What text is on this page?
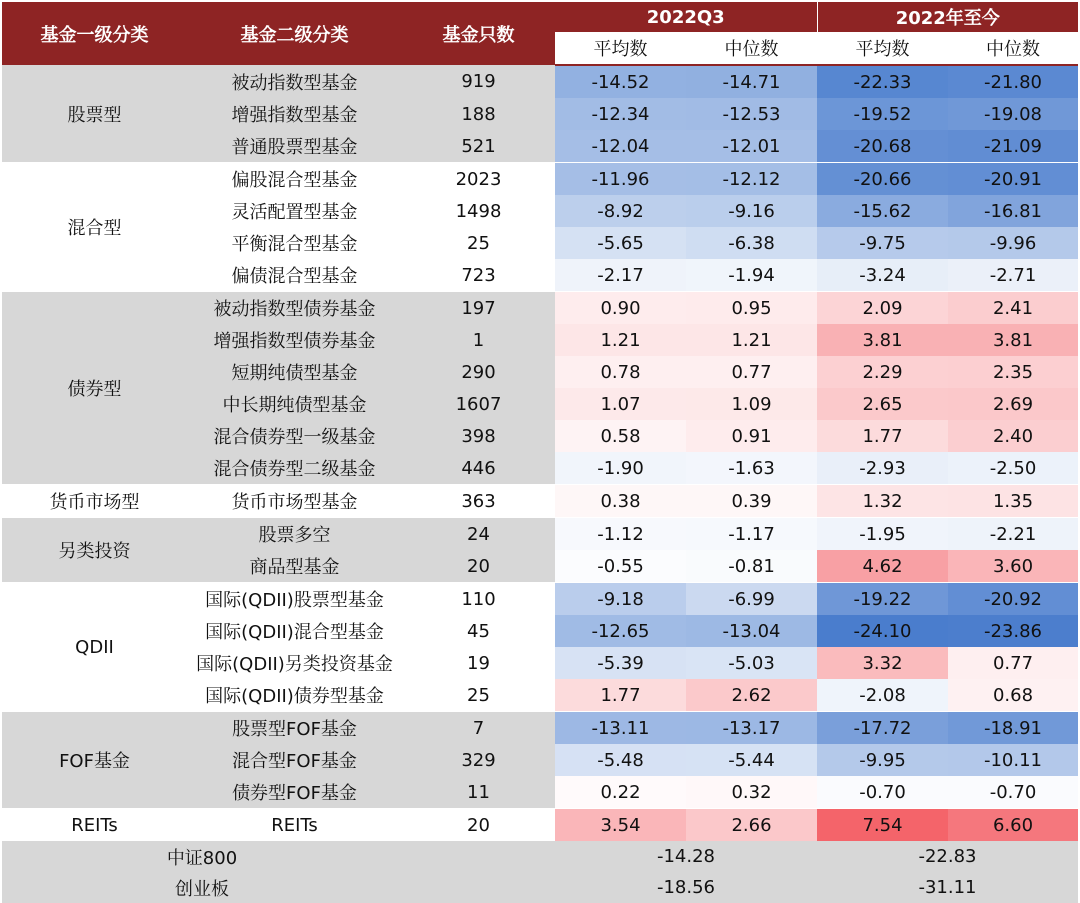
基金一级分类	基金二级分类	基金只数	2022Q3		2022年至今	
			平均数	中位数	平均数	中位数
股票型	被动指数型基金	919	-14.52	-14.71	-22.33	-21.80
	增强指数型基金	188	-12.34	-12.53	-19.52	-19.08
	普通股票型基金	521	-12.04	-12.01	-20.68	-21.09
混合型	偏股混合型基金	2023	-11.96	-12.12	-20.66	-20.91
	灵活配置型基金	1498	-8.92	-9.16	-15.62	-16.81
	平衡混合型基金	25	-5.65	-6.38	-9.75	-9.96
	偏债混合型基金	723	-2.17	-1.94	-3.24	-2.71
债券型	被动指数型债券基金	197	0.90	0.95	2.09	2.41
	增强指数型债券基金	1	1.21	1.21	3.81	3.81
	短期纯债型基金	290	0.78	0.77	2.29	2.35
	中长期纯债型基金	1607	1.07	1.09	2.65	2.69
	混合债券型一级基金	398	0.58	0.91	1.77	2.40
	混合债券型二级基金	446	-1.90	-1.63	-2.93	-2.50
货币市场型	货币市场型基金	363	0.38	0.39	1.32	1.35
另类投资	股票多空	24	-1.12	-1.17	-1.95	-2.21
	商品型基金	20	-0.55	-0.81	4.62	3.60
QDII	国际(QDII)股票型基金	110	-9.18	-6.99	-19.22	-20.92
	国际(QDII)混合型基金	45	-12.65	-13.04	-24.10	-23.86
	国际(QDII)另类投资基金	19	-5.39	-5.03	3.32	0.77
	国际(QDII)债券型基金	25	1.77	2.62	-2.08	0.68
FOF基金	股票型FOF基金	7	-13.11	-13.17	-17.72	-18.91
	混合型FOF基金	329	-5.48	-5.44	-9.95	-10.11
	债券型FOF基金	11	0.22	0.32	-0.70	-0.70
REITs	REITs	20	3.54	2.66	7.54	6.60
中证800			-14.28		-22.83	
创业板			-18.56		-31.11	
